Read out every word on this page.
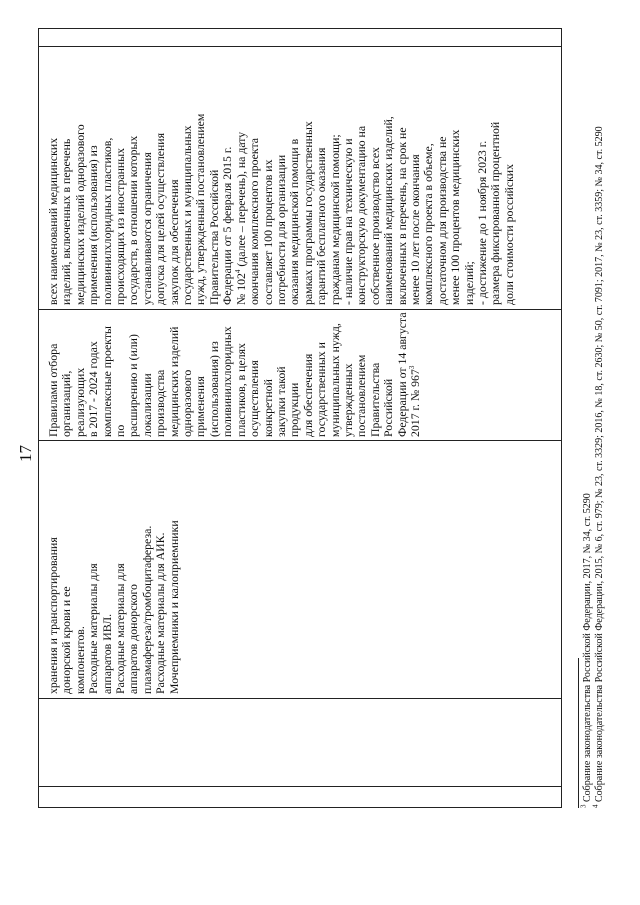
17
хранения и транспортирования
донорской крови и ее
компонентов.
Расходные материалы для
аппаратов ИВЛ.
Расходные материалы для
аппаратов донорского
плазмафереза/тромбоцитафереза.
Расходные материалы для АИК.
Мочеприемники и калоприемники
Правилами отбора
организаций, реализующих
в 2017 - 2024 годах
комплексные проекты по
расширению и (или)
локализации производства
медицинских изделий
одноразового применения
(использования) из
поливинилхлоридных
пластиков, в целях
осуществления конкретной
закупки такой продукции
для обеспечения
государственных и
муниципальных нужд,
утвержденных
постановлением
Правительства Российской
Федерации от 14 августа
2017 г. № $967^3$
всех наименований медицинских
изделий, включенных в перечень
медицинских изделий одноразового
применения (использования) из
поливинилхлоридных пластиков,
происходящих из иностранных
государств, в отношении которых
устанавливаются ограничения
допуска для целей осуществления
закупок для обеспечения
государственных и муниципальных
нужд, утвержденный постановлением
Правительства Российской
Федерации от 5 февраля 2015 г.
№ $102^4$ (далее – перечень), на дату
окончания комплексного проекта
составляет 100 процентов их
потребности для организации
оказания медицинской помощи в
рамках программы государственных
гарантий бесплатного оказания
гражданам медицинской помощи;
- наличие прав на техническую и
конструкторскую документацию на
собственное производство всех
наименований медицинских изделий,
включенных в перечень, на срок не
менее 10 лет после окончания
комплексного проекта в объеме,
достаточном для производства не
менее 100 процентов медицинских
изделий;
- достижение до 1 ноября 2023 г.
размера фиксированной процентной
доли стоимости российских
$^3$ Собрание законодательства Российской Федерации, 2017, № 34, ст. 5290
$^4$ Собрание законодательства Российской Федерации, 2015, № 6, ст. 979; № 23, ст. 3329; 2016, № 18, ст. 2630; № 50, ст. 7091; 2017, № 23, ст. 3359; № 34, ст. 5290
